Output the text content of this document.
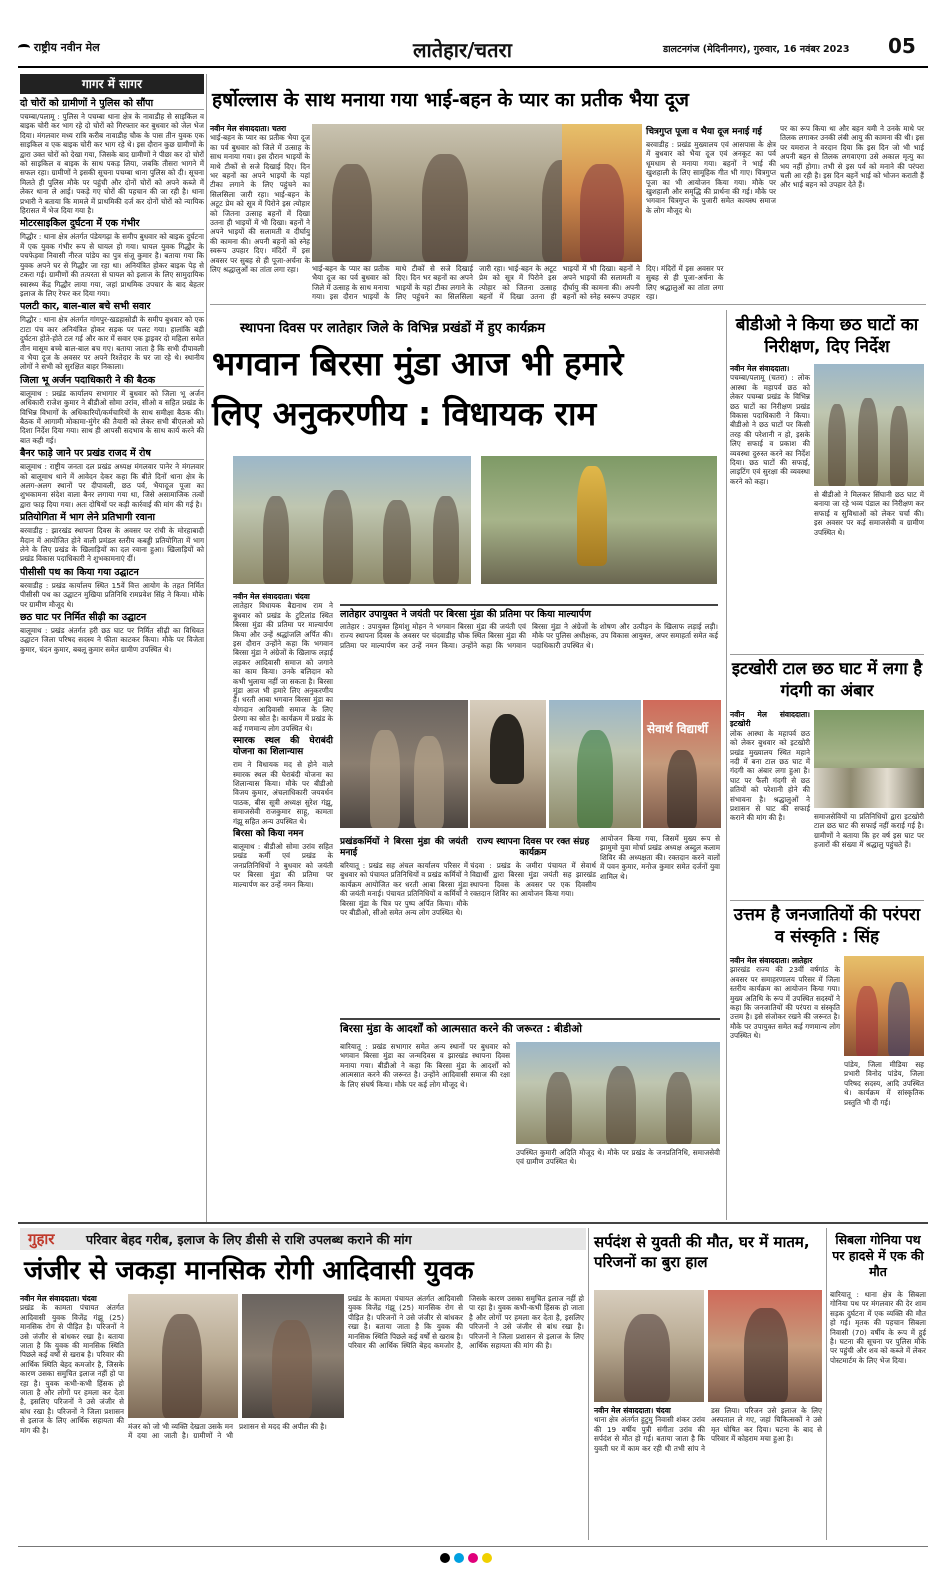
राष्ट्रीय नवीन मेल	लातेहार/चतरा	डालटनगंज (मेदिनीनगर), गुरुवार, 16 नवंबर 2023 05
गागर में सागर
दो चोरों को ग्रामीणों ने पुलिस को सौंपा
पचम्बा/पलामू : पुलिस ने पचम्बा थाना क्षेत्र के नावाडीह से साइकिल व बाइक चोरी कर भाग रहे दो चोरों को गिरफ्तार कर बुधवार को जेल भेज दिया। मंगलवार मध्य रात्रि करीब नावाडीह चौक के पास तीन युवक एक साइकिल व एक बाइक चोरी कर भाग रहे थे। इस दौरान कुछ ग्रामीणों के द्वारा उक्त चोरों को देखा गया, जिसके बाद ग्रामीणों ने पीछा कर दो चोरों को साइकिल व बाइक के साथ पकड़ लिया, जबकि तीसरा भागने में सफल रहा। ग्रामीणों ने इसकी सूचना पचम्बा थाना पुलिस को दी। सूचना मिलते ही पुलिस मौके पर पहुंची और दोनों चोरों को अपने कब्जे में लेकर थाना ले आई। पकड़े गए चोरों की पहचान की जा रही है। थाना प्रभारी ने बताया कि मामले में प्राथमिकी दर्ज कर दोनों चोरों को न्यायिक हिरासत में भेज दिया गया है।
मोटरसाइकिल दुर्घटना में एक गंभीर
गिद्धौर : थाना क्षेत्र अंतर्गत पंडेयगढ़ा के समीप बुधवार को बाइक दुर्घटना में एक युवक गंभीर रूप से घायल हो गया। घायल युवक गिद्धौर के पचफेड़वा निवासी नीरज पांडेय का पुत्र संजू कुमार है। बताया गया कि युवक अपने घर से गिद्धौर जा रहा था। अनियंत्रित होकर बाइक पेड़ से टकरा गई। ग्रामीणों की तत्परता से घायल को इलाज के लिए सामुदायिक स्वास्थ्य केंद्र गिद्धौर लाया गया, जहां प्राथमिक उपचार के बाद बेहतर इलाज के लिए रेफर कर दिया गया।
पलटी कार, बाल-बाल बचे सभी सवार
गिद्धौर : थाना क्षेत्र अंतर्गत गांगपुर-खडहासोडी के समीप बुधवार को एक टाटा पंच कार अनियंत्रित होकर सड़क पर पलट गया। हालांकि बड़ी दुर्घटना होते-होते टल गई और कार में सवार एक ड्राइवर दो महिला समेत तीन मासूम बच्चे बाल-बाल बच गए। बताया जाता है कि सभी दीपावली व भैया दूज के अवसर पर अपने रिश्तेदार के घर जा रहे थे। स्थानीय लोगों ने सभी को सुरक्षित बाहर निकाला।
जिला भू अर्जन पदाधिकारी ने की बैठक
बालूमाथ : प्रखंड कार्यालय सभागार में बुधवार को जिला भू अर्जन अधिकारी राजेश कुमार ने बीडीओ सोमा उरांव, सीओ व सहित प्रखंड के विभिन्न विभागों के अधिकारियों/कर्मचारियों के साथ समीक्षा बैठक की। बैठक में आगामी मोकामा-मुंगेर की तैयारी को लेकर सभी बीएलओ को दिशा निर्देश दिया गया। साथ ही आपसी सदभाव के साथ कार्य करने की बात कही गई।
बैनर फाड़े जाने पर प्रखंड राजद में रोष
बालूमाथ : राष्ट्रीय जनता दल प्रखंड अध्यक्ष मंगलवार पानेर ने मंगलवार को बालूमाथ थाने में आवेदन देकर कहा कि बीते दिनों थाना क्षेत्र के अलग-अलग स्थानों पर दीपावली, छठ पर्व, भैयादूज पूजा का शुभकामना संदेश वाला बैनर लगाया गया था, जिसे असामाजिक तत्वों द्वारा फाड़ दिया गया। अतः दोषियों पर कड़ी कार्रवाई की मांग की गई है।
प्रतियोगिता में भाग लेने प्रतिभागी रवाना
बरवाडीह : झारखंड स्थापना दिवस के अवसर पर रांची के मोरहाबादी मैदान में आयोजित होने वाली प्रमंडल स्तरीय कबड्डी प्रतियोगिता में भाग लेने के लिए प्रखंड के खिलाड़ियों का दल रवाना हुआ। खिलाड़ियों को प्रखंड विकास पदाधिकारी ने शुभकामनाएं दीं।
पीसीसी पथ का किया गया उद्घाटन
बरवाडीह : प्रखंड कार्यालय स्थित 15वें वित्त आयोग के तहत निर्मित पीसीसी पथ का उद्घाटन मुखिया प्रतिनिधि रामप्रवेश सिंह ने किया। मौके पर ग्रामीण मौजूद थे।
छठ घाट पर निर्मित सीढ़ी का उद्घाटन
बालूमाथ : प्रखंड अंतर्गत हरी छठ घाट पर निर्मित सीढ़ी का विधिवत उद्घाटन जिला परिषद सदस्य ने फीता काटकर किया। मौके पर विजेता कुमार, चंदन कुमार, बबलू कुमार समेत ग्रामीण उपस्थित थे।
हर्षोल्लास के साथ मनाया गया भाई-बहन के प्यार का प्रतीक भैया दूज
नवीन मेल संवाददाता। चतरा
भाई-बहन के प्यार का प्रतीक भैया दूज का पर्व बुधवार को जिले में उत्साह के साथ मनाया गया। इस दौरान भाइयों के माथे टीकों से सजे दिखाई दिए। दिन भर बहनों का अपने भाइयों के यहां टीका लगाने के लिए पहुंचने का सिलसिला जारी रहा। भाई-बहन के अटूट प्रेम को सूत्र में पिरोने इस त्योहार को जितना उत्साह बहनों में दिखा उतना ही भाइयों में भी दिखा। बहनों ने अपने भाइयों की सलामती व दीर्घायु की कामना की। अपनी बहनों को स्नेह स्वरूप उपहार दिए। मंदिरों में इस अवसर पर सुबह से ही पूजा-अर्चना के लिए श्रद्धालुओं का तांता लगा रहा।	भाई-बहन के प्यार का प्रतीक भैया दूज का पर्व बुधवार को जिले में उत्साह के साथ मनाया गया। इस दौरान भाइयों के माथे टीकों से सजे दिखाई दिए। दिन भर बहनों का अपने भाइयों के यहां टीका लगाने के लिए पहुंचने का सिलसिला जारी रहा। भाई-बहन के अटूट प्रेम को सूत्र में पिरोने इस त्योहार को जितना उत्साह बहनों में दिखा उतना ही भाइयों में भी दिखा। बहनों ने अपने भाइयों की सलामती व दीर्घायु की कामना की। अपनी बहनों को स्नेह स्वरूप उपहार दिए। मंदिरों में इस अवसर पर सुबह से ही पूजा-अर्चना के लिए श्रद्धालुओं का तांता लगा रहा।
चित्रगुप्त पूजा व भैया दूज मनाई गई
बरवाडीह : प्रखंड मुख्यालय एवं आसपास के क्षेत्र में बुधवार को भैया दूज एवं अनकूट का पर्व धूमधाम से मनाया गया। बहनों ने भाई की खुशहाली के लिए सामूहिक गीत भी गाए। चित्रगुप्त पूजा का भी आयोजन किया गया। मौके पर खुशहाली और समृद्धि की प्रार्थना की गई। मौके पर भगवान चित्रगुप्त के पुजारी समेत कायस्थ समाज के लोग मौजूद थे।
पर का रूप किया था और बहन यमी ने उनके माथे पर तिलक लगाकर उनकी लंबी आयु की कामना की थी। इस पर यमराज ने वरदान दिया कि इस दिन जो भी भाई अपनी बहन से तिलक लगवाएगा उसे अकाल मृत्यु का भय नहीं होगा। तभी से इस पर्व को मनाने की परंपरा चली आ रही है। इस दिन बहनें भाई को भोजन कराती हैं और भाई बहन को उपहार देते हैं।
स्थापना दिवस पर लातेहार जिले के विभिन्न प्रखंडों में हुए कार्यक्रम
भगवान बिरसा मुंडा आज भी हमारे
लिए अनुकरणीय : विधायक राम
नवीन मेल संवाददाता। चंदवा
लातेहार विधायक बैद्यनाथ राम ने बुधवार को प्रखंड के टुटिलांड स्थित बिरसा मुंडा की प्रतिमा पर माल्यार्पण किया और उन्हें श्रद्धांजलि अर्पित की। इस दौरान उन्होंने कहा कि भगवान बिरसा मुंडा ने अंग्रेजों के खिलाफ लड़ाई लड़कर आदिवासी समाज को जगाने का काम किया। उनके बलिदान को कभी भुलाया नहीं जा सकता है। बिरसा मुंडा आज भी हमारे लिए अनुकरणीय हैं। धरती आबा भगवान बिरसा मुंडा का योगदान आदिवासी समाज के लिए प्रेरणा का स्रोत है। कार्यक्रम में प्रखंड के कई गणमान्य लोग उपस्थित थे।
स्मारक स्थल की घेराबंदी योजना का शिलान्यास
राम ने विधायक मद से होने वाले स्मारक स्थल की घेराबंदी योजना का शिलान्यास किया। मौके पर बीडीओ विजय कुमार, अंचलाधिकारी जयवर्धन पाठक, बीस सूत्री अध्यक्ष सुरेश गंझू, समाजसेवी राजकुमार साहू, कामता गंझू सहित अन्य उपस्थित थे।
बिरसा को किया नमन
बालूमाथ : बीडीओ सोमा उरांव सहित प्रखंड कर्मी एवं प्रखंड के जनप्रतिनिधियों ने बुधवार को जयंती पर बिरसा मुंडा की प्रतिमा पर माल्यार्पण कर उन्हें नमन किया।
लातेहार उपायुक्त ने जयंती पर बिरसा मुंडा की प्रतिमा पर किया माल्यार्पण
लातेहार : उपायुक्त हिमांशु मोहन ने भगवान बिरसा मुंडा की जयंती एवं राज्य स्थापना दिवस के अवसर पर चंदवाडीह चौक स्थित बिरसा मुंडा की प्रतिमा पर माल्यार्पण कर उन्हें नमन किया। उन्होंने कहा कि भगवान बिरसा मुंडा ने अंग्रेजों के शोषण और उत्पीड़न के खिलाफ लड़ाई लड़ी। मौके पर पुलिस अधीक्षक, उप विकास आयुक्त, अपर समाहर्ता समेत कई पदाधिकारी उपस्थित थे।
सेवार्थ विद्यार्थी
प्रखंडकर्मियों ने बिरसा मुंडा की जयंती मनाई
बरियातू : प्रखंड सह अंचल कार्यालय परिसर में बुधवार को पंचायत प्रतिनिधियों व प्रखंड कर्मियों ने कार्यक्रम आयोजित कर धरती आबा बिरसा मुंडा की जयंती मनाई। पंचायत प्रतिनिधियों व कर्मियों ने बिरसा मुंडा के चित्र पर पुष्प अर्पित किया। मौके पर बीडीओ, सीओ समेत अन्य लोग उपस्थित थे।
राज्य स्थापना दिवस पर रक्त संग्रह कार्यक्रम
चंदवा : प्रखंड के जमीरा पंचायत में सेवार्थ विद्यार्थी द्वारा बिरसा मुंडा जयंती सह झारखंड स्थापना दिवस के अवसर पर एक दिवसीय रक्तदान शिविर का आयोजन किया गया।
आयोजन किया गया, जिसमें मुख्य रूप से झामुमो युवा मोर्चा प्रखंड अध्यक्ष अब्दुल कलाम शिविर की अध्यक्षता की। रक्तदान करने वालों में पवन कुमार, मनोज कुमार समेत दर्जनों युवा शामिल थे।
बिरसा मुंडा के आदर्शों को आत्मसात करने की जरूरत : बीडीओ
बारियातू : प्रखंड सभागार समेत अन्य स्थानों पर बुधवार को भगवान बिरसा मुंडा का जन्मदिवस व झारखंड स्थापना दिवस मनाया गया। बीडीओ ने कहा कि बिरसा मुंडा के आदर्शों को आत्मसात करने की जरूरत है। उन्होंने आदिवासी समाज की रक्षा के लिए संघर्ष किया। मौके पर कई लोग मौजूद थे।
उपस्थित कुमारी अदिति मौजूद थे। मौके पर प्रखंड के जनप्रतिनिधि, समाजसेवी एवं ग्रामीण उपस्थित थे।
बीडीओ ने किया छठ घाटों का निरीक्षण, दिए निर्देश
नवीन मेल संवाददाता।
पचम्बा/पलामू (चतरा) : लोक आस्था के महापर्व छठ को लेकर पचम्बा प्रखंड के विभिन्न छठ घाटों का निरीक्षण प्रखंड विकास पदाधिकारी ने किया। बीडीओ ने छठ घाटों पर किसी तरह की परेशानी न हो, इसके लिए सफाई व प्रकाश की व्यवस्था दुरुस्त करने का निर्देश दिया। छठ घाटों की सफाई, लाइटिंग एवं सुरक्षा की व्यवस्था करने को कहा।
से बीडीओ ने मिलकर सिंघानी छठ घाट में बनाया जा रहे भव्य पंडाल का निरीक्षण कर सफाई व सुविधाओं को लेकर चर्चा की। इस अवसर पर कई समाजसेवी व ग्रामीण उपस्थित थे।
इटखोरी टाल छठ घाट में लगा है गंदगी का अंबार
नवीन मेल संवाददाता। इटखोरी
लोक आस्था के महापर्व छठ को लेकर बुधवार को इटखोरी प्रखंड मुख्यालय स्थित महाने नदी में बना टाल छठ घाट में गंदगी का अंबार लगा हुआ है। घाट पर फैली गंदगी से छठ व्रतियों को परेशानी होने की संभावना है। श्रद्धालुओं ने प्रशासन से घाट की सफाई कराने की मांग की है।	समाजसेवियों या प्रतिनिधियों द्वारा इटखोरी टाल छठ घाट की सफाई नहीं कराई गई है। ग्रामीणों ने बताया कि हर वर्ष इस घाट पर हजारों की संख्या में श्रद्धालु पहुंचते हैं।
उत्तम है जनजातियों की परंपरा व संस्कृति : सिंह
नवीन मेल संवाददाता। लातेहार
झारखंड राज्य की 23वीं वर्षगांठ के अवसर पर समाहरणालय परिसर में जिला स्तरीय कार्यक्रम का आयोजन किया गया। मुख्य अतिथि के रूप में उपस्थित सदस्यों ने कहा कि जनजातियों की परंपरा व संस्कृति उत्तम है। इसे संजोकर रखने की जरूरत है। मौके पर उपायुक्त समेत कई गणमान्य लोग उपस्थित थे।
पांडेय, जिला मीडिया सह प्रभारी विनोद पांडेय, जिला परिषद सदस्य, आदि उपस्थित थे। कार्यक्रम में सांस्कृतिक प्रस्तुति भी दी गई।
गुहार	परिवार बेहद गरीब, इलाज के लिए डीसी से राशि उपलब्ध कराने की मांग
जंजीर से जकड़ा मानसिक रोगी आदिवासी युवक
नवीन मेल संवाददाता। चंदवा
प्रखंड के कामता पंचायत अंतर्गत आदिवासी युवक विजेंद्र गंझू (25) मानसिक रोग से पीड़ित है। परिजनों ने उसे जंजीर से बांधकर रखा है। बताया जाता है कि युवक की मानसिक स्थिति पिछले कई वर्षों से खराब है। परिवार की आर्थिक स्थिति बेहद कमजोर है, जिसके कारण उसका समुचित इलाज नहीं हो पा रहा है। युवक कभी-कभी हिंसक हो जाता है और लोगों पर हमला कर देता है, इसलिए परिजनों ने उसे जंजीर से बांध रखा है। परिजनों ने जिला प्रशासन से इलाज के लिए आर्थिक सहायता की मांग की है।	मंजर को जो भी व्यक्ति देखता उसके मन में दया आ जाती है। ग्रामीणों ने भी प्रशासन से मदद की अपील की है।
प्रखंड के कामता पंचायत अंतर्गत आदिवासी युवक विजेंद्र गंझू (25) मानसिक रोग से पीड़ित है। परिजनों ने उसे जंजीर से बांधकर रखा है। बताया जाता है कि युवक की मानसिक स्थिति पिछले कई वर्षों से खराब है। परिवार की आर्थिक स्थिति बेहद कमजोर है, जिसके कारण उसका समुचित इलाज नहीं हो पा रहा है। युवक कभी-कभी हिंसक हो जाता है और लोगों पर हमला कर देता है, इसलिए परिजनों ने उसे जंजीर से बांध रखा है। परिजनों ने जिला प्रशासन से इलाज के लिए आर्थिक सहायता की मांग की है।
सर्पदंश से युवती की मौत, घर में मातम, परिजनों का बुरा हाल
नवीन मेल संवाददाता। चंदवा
थाना क्षेत्र अंतर्गत हुटुमु निवासी शंकर उरांव की 19 वर्षीय पुत्री संगीता उरांव की सर्पदंश से मौत हो गई। बताया जाता है कि युवती घर में काम कर रही थी तभी सांप ने डस लिया। परिजन उसे इलाज के लिए अस्पताल ले गए, जहां चिकित्सकों ने उसे मृत घोषित कर दिया। घटना के बाद से परिवार में कोहराम मचा हुआ है।
सिबला गोनिया पथ पर हादसे में एक की मौत
बारियातू : थाना क्षेत्र के सिबला गोनिया पथ पर मंगलवार की देर शाम सड़क दुर्घटना में एक व्यक्ति की मौत हो गई। मृतक की पहचान सिबला निवासी (70) वर्षीय के रूप में हुई है। घटना की सूचना पर पुलिस मौके पर पहुंची और शव को कब्जे में लेकर पोस्टमार्टम के लिए भेज दिया।
